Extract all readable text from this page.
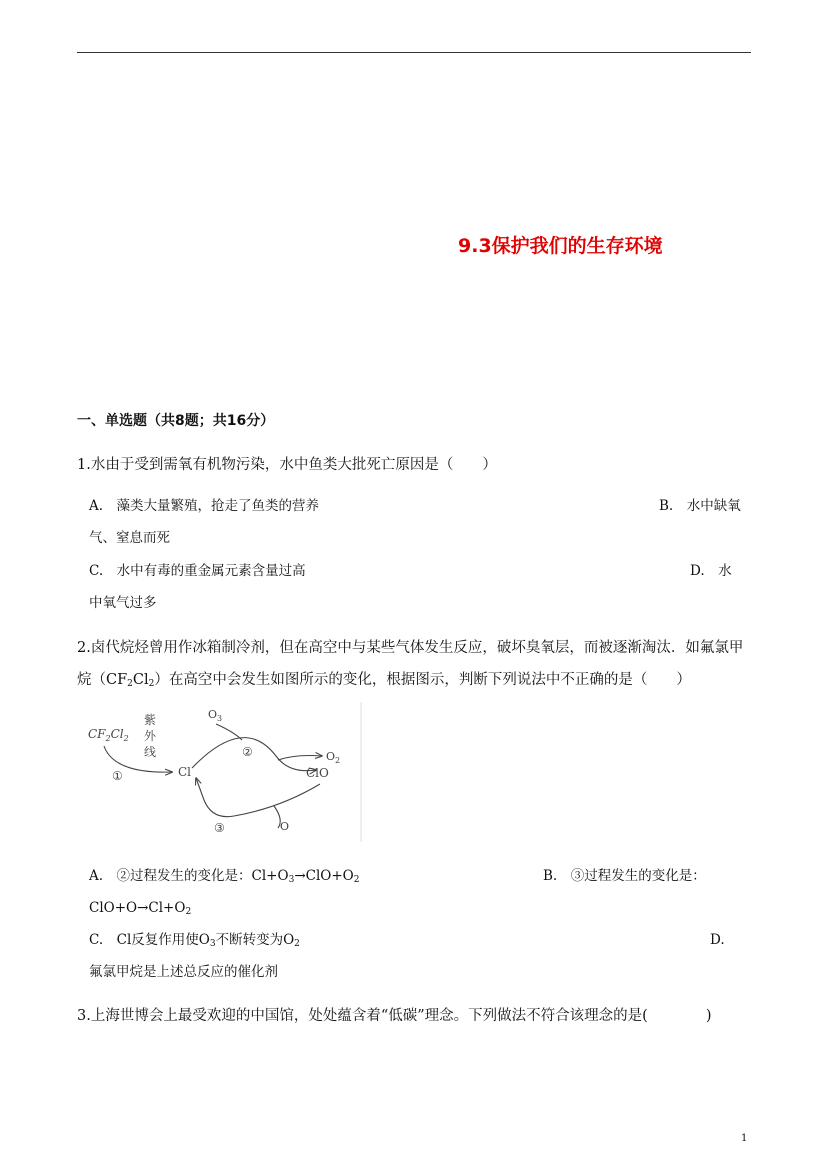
9.3保护我们的生存环境
一、单选题（共8题；共16分）
1.水由于受到需氧有机物污染，水中鱼类大批死亡原因是（　　）
A.　藻类大量繁殖，抢走了鱼类的营养	B.　水中缺氧
气、窒息而死
C.　水中有毒的重金属元素含量过高	D.　水
中氧气过多
2.卤代烷烃曾用作冰箱制冷剂，但在高空中与某些气体发生反应，破坏臭氧层，而被逐渐淘汰．如氟氯甲
烷$(CF_2Cl_2)$在高空中会发生如图所示的变化，根据图示，判断下列说法中不正确的是（　　）
$CF_2Cl_2$
紫
外
线
①	Cl
$O_3$
②	$O_2$
ClO
O
③
A.　②过程发生的变化是：$Cl+O_3\to ClO+O_2$	B.　③过程发生的变化是：
$ClO+O\to Cl+O_2$
C.　Cl反复作用使$O_3$不断转变为$O_2$	D.
氟氯甲烷是上述总反应的催化剂
3.上海世博会上最受欢迎的中国馆，处处蕴含着“低碳”理念。下列做法不符合该理念的是(　　　　)
1
